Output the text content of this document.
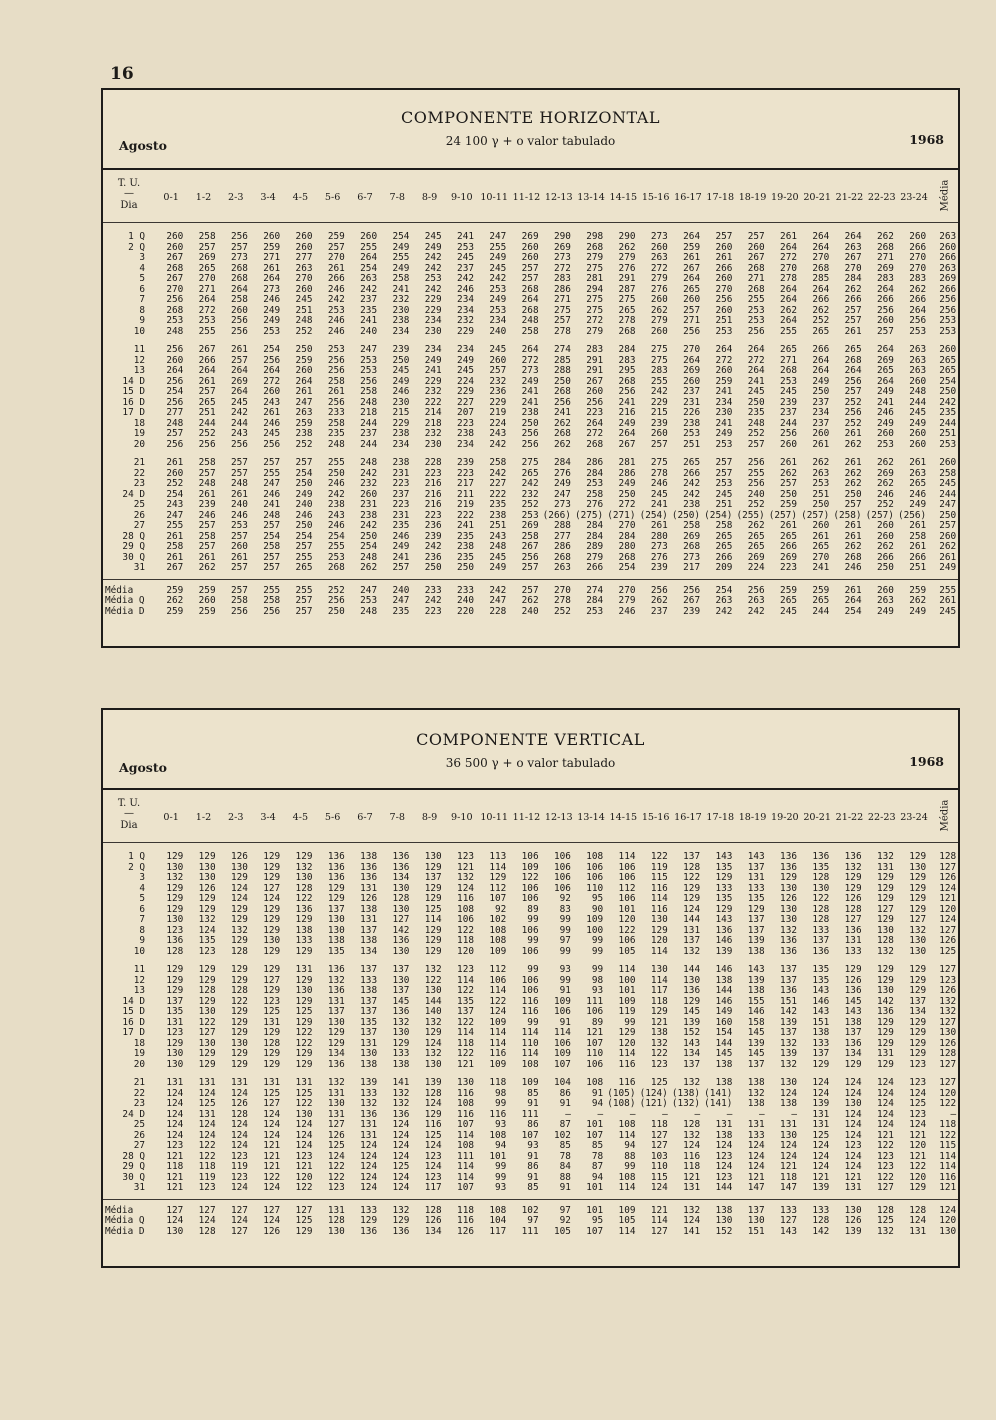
16
COMPONENTE HORIZONTAL
24 100 γ + o valor tabulado
Agosto	1968
T. U.
—
Dia
0-1	1-2	2-3	3-4	4-5	5-6	6-7	7-8	8-9	9-10 10-11 11-12 12-13 13-14 14-15 15-16 16-17 17-18 18-19 19-20 20-21 21-22 22-23 23-24 Média
1 Q	260	258	256	260	260	259	260	254	245	241	247	269	290	298	290	273	264	257	257	261	264	264	262	260	263
2 Q	260	257	257	259	260	257	255	249	249	253	255	260	269	268	262	260	259	260	260	264	264	263	268	266	260
3	267	269	273	271	277	270	264	255	242	245	249	260	273	279	279	263	261	261	267	272	270	267	271	270	266
4	268	265	268	261	263	261	254	249	242	237	245	257	272	275	276	272	267	266	268	270	268	270	269	270	263
5	267	270	268	264	270	266	263	258	253	242	242	257	283	281	291	279	264	260	271	278	285	284	283	283	269
6	270	271	264	273	260	246	242	241	242	246	253	268	286	294	287	276	265	270	268	264	264	262	264	262	266
7	256	264	258	246	245	242	237	232	229	234	249	264	271	275	275	260	260	256	255	264	266	266	266	266	256
8	268	272	260	249	251	253	235	230	229	234	253	268	275	275	265	262	257	260	253	262	262	257	256	264	256
9	253	253	256	249	248	246	241	238	234	232	234	248	257	272	278	279	271	251	253	264	252	257	260	256	253
10	248	255	256	253	252	246	240	234	230	229	240	258	278	279	268	260	256	253	256	255	265	261	257	253	253
11	256	267	261	254	250	253	247	239	234	234	245	264	274	283	284	275	270	264	264	265	266	265	264	263	260
12	260	266	257	256	259	256	253	250	249	249	260	272	285	291	283	275	264	272	272	271	264	268	269	263	265
13	264	264	264	264	260	256	253	245	241	245	257	273	288	291	295	283	269	260	264	268	264	264	265	263	265
14 D	256	261	269	272	264	258	256	249	229	224	232	249	250	267	268	255	260	259	241	253	249	256	264	260	254
15 D	254	257	264	260	261	261	258	246	232	229	236	241	268	260	256	242	237	241	245	245	250	257	249	248	250
16 D	256	265	245	243	247	256	248	230	222	227	229	241	256	256	241	229	231	234	250	239	237	252	241	244	242
17 D	277	251	242	261	263	233	218	215	214	207	219	238	241	223	216	215	226	230	235	237	234	256	246	245	235
18	248	244	244	246	259	258	244	229	218	223	224	250	262	264	249	239	238	241	248	244	237	252	249	249	244
19	257	252	243	245	238	235	237	238	232	238	243	256	268	272	264	260	253	249	252	256	260	261	260	260	251
20	256	256	256	256	252	248	244	234	230	234	242	256	262	268	267	257	251	253	257	260	261	262	253	260	253
21	261	258	257	257	257	255	248	238	228	239	258	275	284	286	281	275	265	257	256	261	262	261	262	261	260
22	260	257	257	255	254	250	242	231	223	223	242	265	276	284	286	278	266	257	255	262	263	262	269	263	258
23	252	248	248	247	250	246	232	223	216	217	227	242	249	253	249	246	242	253	256	257	253	262	262	265	245
24 D	254	261	261	246	249	242	260	237	216	211	222	232	247	258	250	245	242	245	240	250	251	250	246	246	244
25	243	239	240	241	240	238	231	223	216	219	235	252	273	276	272	241	238	251	252	259	250	257	252	249	247
26	247	246	246	248	246	243	238	231	223	222	238	253 (266) (275) (271) (254) (250) (254) (255) (257) (257) (258) (257) (256)	250
27	255	257	253	257	250	246	242	235	236	241	251	269	288	284	270	261	258	258	262	261	260	261	260	261	257
28 Q	261	258	257	254	254	254	250	246	239	235	243	258	277	284	284	280	269	265	265	265	261	261	260	258	260
29 Q	258	257	260	258	257	255	254	249	242	238	248	267	286	289	280	273	268	265	265	266	265	262	262	261	262
30 Q	261	261	261	257	255	253	248	241	236	235	245	256	268	279	268	276	273	266	269	269	270	268	266	266	261
31	267	262	257	257	265	268	262	257	250	250	249	257	263	266	254	239	217	209	224	223	241	246	250	251	249
Média	259	259	257	255	255	252	247	240	233	233	242	257	270	274	270	256	256	254	256	259	259	261	260	259	255
Média Q	262	260	258	258	257	256	253	247	242	240	247	262	278	284	279	262	267	263	263	265	265	264	263	262	261
Média D	259	259	256	256	257	250	248	235	223	220	228	240	252	253	246	237	239	242	242	245	244	254	249	249	245
COMPONENTE VERTICAL
36 500 γ + o valor tabulado
Agosto	1968
T. U.
—
Dia
0-1	1-2	2-3	3-4	4-5	5-6	6-7	7-8	8-9	9-10 10-11 11-12 12-13 13-14 14-15 15-16 16-17 17-18 18-19 19-20 20-21 21-22 22-23 23-24 Média
1 Q	129	129	126	129	129	136	138	136	130	123	113	106	106	108	114	122	137	143	143	136	136	136	132	129	128
2 Q	130	130	130	129	132	136	136	136	129	121	114	109	106	106	106	119	128	135	137	136	135	132	131	130	127
3	132	130	129	129	130	136	136	134	137	132	129	122	106	106	106	115	122	129	131	129	128	129	129	129	126
4	129	126	124	127	128	129	131	130	129	124	112	106	106	110	112	116	129	133	133	130	130	129	129	129	124
5	129	129	124	124	122	129	126	128	129	116	107	106	92	95	106	114	129	135	135	126	122	126	129	129	121
6	129	129	129	129	136	137	138	130	125	108	92	89	83	90	101	116	124	129	129	130	128	128	127	129	120
7	130	132	129	129	129	130	131	127	114	106	102	99	99	109	120	130	144	143	137	130	128	127	129	127	124
8	123	124	132	129	138	130	137	142	129	122	108	106	99	100	122	129	131	136	137	132	133	136	130	132	127
9	136	135	129	130	133	138	138	136	129	118	108	99	97	99	106	120	137	146	139	136	137	131	128	130	126
10	128	123	128	129	129	135	134	130	129	120	109	106	99	99	105	114	132	139	138	136	136	133	132	130	125
11	129	129	129	129	131	136	137	137	132	123	112	99	93	99	114	130	144	146	143	137	135	129	129	129	127
12	129	129	129	127	129	132	133	130	122	114	106	106	99	98	100	114	130	138	139	137	135	126	129	129	123
13	129	128	128	129	130	136	138	137	130	122	114	106	91	93	101	117	136	144	138	136	143	136	130	129	126
14 D	137	129	122	123	129	131	137	145	144	135	122	116	109	111	109	118	129	146	155	151	146	145	142	137	132
15 D	135	130	129	125	125	137	137	136	140	137	124	116	106	106	119	129	145	149	146	142	143	143	136	134	132
16 D	131	122	129	131	129	130	135	132	132	122	109	99	91	89	99	121	139	160	158	139	151	138	129	129	127
17 D	123	127	129	129	122	129	137	130	129	114	114	114	114	121	129	138	152	154	145	137	138	137	129	129	130
18	129	130	130	128	122	129	131	129	124	118	114	110	106	107	120	132	143	144	139	132	133	136	129	129	126
19	130	129	129	129	129	134	130	133	132	122	116	114	109	110	114	122	134	145	145	139	137	134	131	129	128
20	130	129	129	129	129	136	138	138	130	121	109	108	107	106	116	123	137	138	137	132	129	129	129	123	127
21	131	131	131	131	131	132	139	141	139	130	118	109	104	108	116	125	132	138	138	130	124	124	124	123	127
22	124	124	124	125	125	131	133	132	128	116	98	85	86	91 (105) (124) (138) (141)	132	124	124	124	124	124	120
23	124	125	126	127	122	130	132	132	124	108	99	91	91	94 (108) (121) (132) (141)	138	138	139	130	124	125	122
24 D	124	131	128	124	130	131	136	136	129	116	116	111	—	—	—	—	—	—	—	—	131	124	124	123	—
25	124	124	124	124	124	127	131	124	116	107	93	86	87	101	108	118	128	131	131	131	131	124	124	124	118
26	124	124	124	124	124	126	131	124	125	114	108	107	102	107	114	127	132	138	133	130	125	124	121	121	122
27	123	122	124	121	124	125	124	124	124	108	94	93	85	85	94	127	124	124	124	124	124	123	122	120	115
28 Q	121	122	123	121	123	124	124	124	123	111	101	91	78	78	88	103	116	123	124	124	124	124	123	121	114
29 Q	118	118	119	121	121	122	124	125	124	114	99	86	84	87	99	110	118	124	124	121	124	124	123	122	114
30 Q	121	119	123	122	120	122	124	124	123	114	99	91	88	94	108	115	121	123	121	118	121	121	122	120	116
31	121	123	124	124	122	123	124	124	117	107	93	85	91	101	114	124	131	144	147	147	139	131	127	129	121
Média	127	127	127	127	127	131	133	132	128	118	108	102	97	101	109	121	132	138	137	133	133	130	128	128	124
Média Q	124	124	124	124	125	128	129	129	126	116	104	97	92	95	105	114	124	130	130	127	128	126	125	124	120
Média D	130	128	127	126	129	130	136	136	134	126	117	111	105	107	114	127	141	152	151	143	142	139	132	131	130
